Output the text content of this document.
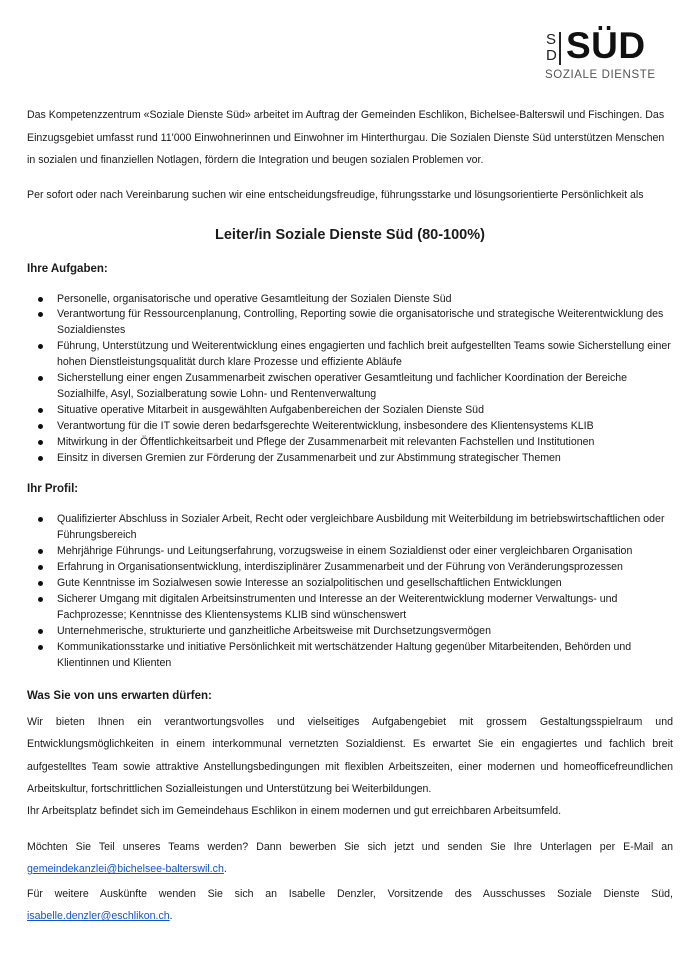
S
D SÜD
SOZIALE DIENSTE

Das Kompetenzzentrum «Soziale Dienste Süd» arbeitet im Auftrag der Gemeinden Eschlikon, Bichelsee-Balterswil und Fischingen. Das Einzugsgebiet umfasst rund 11'000 Einwohnerinnen und Einwohner im Hinterthurgau. Die Sozialen Dienste Süd unterstützen Menschen in sozialen und finanziellen Notlagen, fördern die Integration und beugen sozialen Problemen vor.

Per sofort oder nach Vereinbarung suchen wir eine entscheidungsfreudige, führungsstarke und lösungsorientierte Persönlichkeit als

Leiter/in Soziale Dienste Süd (80-100%)
Ihre Aufgaben:
Personelle, organisatorische und operative Gesamtleitung der Sozialen Dienste Süd
Verantwortung für Ressourcenplanung, Controlling, Reporting sowie die organisatorische und strategische Weiterentwicklung des Sozialdienstes
Führung, Unterstützung und Weiterentwicklung eines engagierten und fachlich breit aufgestellten Teams sowie Sicherstellung einer hohen Dienstleistungsqualität durch klare Prozesse und effiziente Abläufe
Sicherstellung einer engen Zusammenarbeit zwischen operativer Gesamtleitung und fachlicher Koordination der Bereiche Sozialhilfe, Asyl, Sozialberatung sowie Lohn- und Rentenverwaltung
Situative operative Mitarbeit in ausgewählten Aufgabenbereichen der Sozialen Dienste Süd
Verantwortung für die IT sowie deren bedarfsgerechte Weiterentwicklung, insbesondere des Klientensystems KLIB
Mitwirkung in der Öffentlichkeitsarbeit und Pflege der Zusammenarbeit mit relevanten Fachstellen und Institutionen
Einsitz in diversen Gremien zur Förderung der Zusammenarbeit und zur Abstimmung strategischer Themen
Ihr Profil:
Qualifizierter Abschluss in Sozialer Arbeit, Recht oder vergleichbare Ausbildung mit Weiterbildung im betriebswirtschaftlichen oder Führungsbereich
Mehrjährige Führungs- und Leitungserfahrung, vorzugsweise in einem Sozialdienst oder einer vergleichbaren Organisation
Erfahrung in Organisationsentwicklung, interdisziplinärer Zusammenarbeit und der Führung von Veränderungsprozessen
Gute Kenntnisse im Sozialwesen sowie Interesse an sozialpolitischen und gesellschaftlichen Entwicklungen
Sicherer Umgang mit digitalen Arbeitsinstrumenten und Interesse an der Weiterentwicklung moderner Verwaltungs- und Fachprozesse; Kenntnisse des Klientensystems KLIB sind wünschenswert
Unternehmerische, strukturierte und ganzheitliche Arbeitsweise mit Durchsetzungsvermögen
Kommunikationsstarke und initiative Persönlichkeit mit wertschätzender Haltung gegenüber Mitarbeitenden, Behörden und Klientinnen und Klienten
Was Sie von uns erwarten dürfen:

Wir bieten Ihnen ein verantwortungsvolles und vielseitiges Aufgabengebiet mit grossem Gestaltungsspielraum und Entwicklungsmöglichkeiten in einem interkommunal vernetzten Sozialdienst. Es erwartet Sie ein engagiertes und fachlich breit aufgestelltes Team sowie attraktive Anstellungsbedingungen mit flexiblen Arbeitszeiten, einer modernen und homeofficefreundlichen Arbeitskultur, fortschrittlichen Sozialleistungen und Unterstützung bei Weiterbildungen.

Ihr Arbeitsplatz befindet sich im Gemeindehaus Eschlikon in einem modernen und gut erreichbaren Arbeitsumfeld.

Möchten Sie Teil unseres Teams werden? Dann bewerben Sie sich jetzt und senden Sie Ihre Unterlagen per E-Mail an gemeindekanzlei@bichelsee-balterswil.ch.

Für weitere Auskünfte wenden Sie sich an Isabelle Denzler, Vorsitzende des Ausschusses Soziale Dienste Süd, isabelle.denzler@eschlikon.ch.
